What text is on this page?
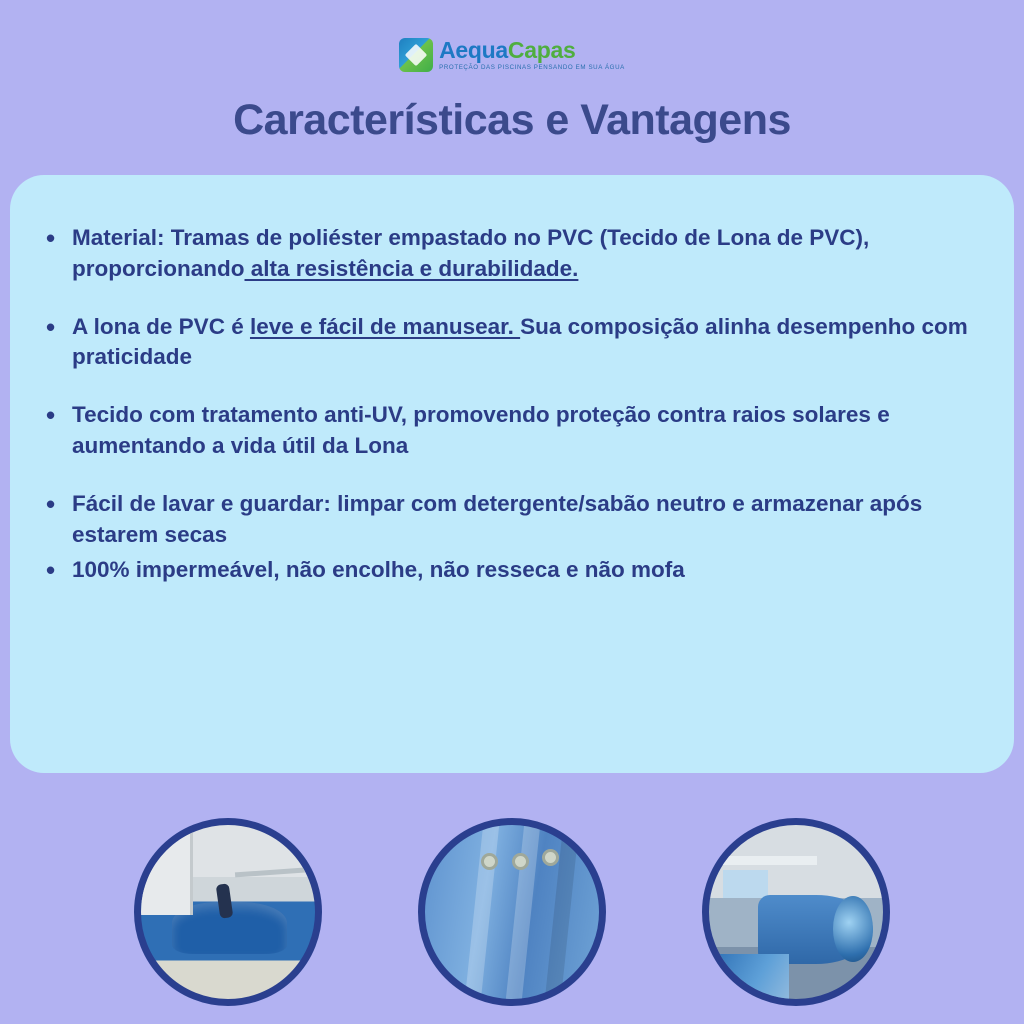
AequaCapas
PROTEÇÃO DAS PISCINAS PENSANDO EM SUA ÁGUA
Características e Vantagens
• Material: Tramas de poliéster empastado no PVC (Tecido de Lona de PVC), proporcionando alta resistência e durabilidade.
• A lona de PVC é leve e fácil de manusear. Sua composição alinha desempenho com praticidade
• Tecido com tratamento anti-UV, promovendo proteção contra raios solares e aumentando a vida útil da Lona
• Fácil de lavar e guardar: limpar com detergente/sabão neutro e armazenar após estarem secas
• 100% impermeável, não encolhe, não resseca e não mofa
